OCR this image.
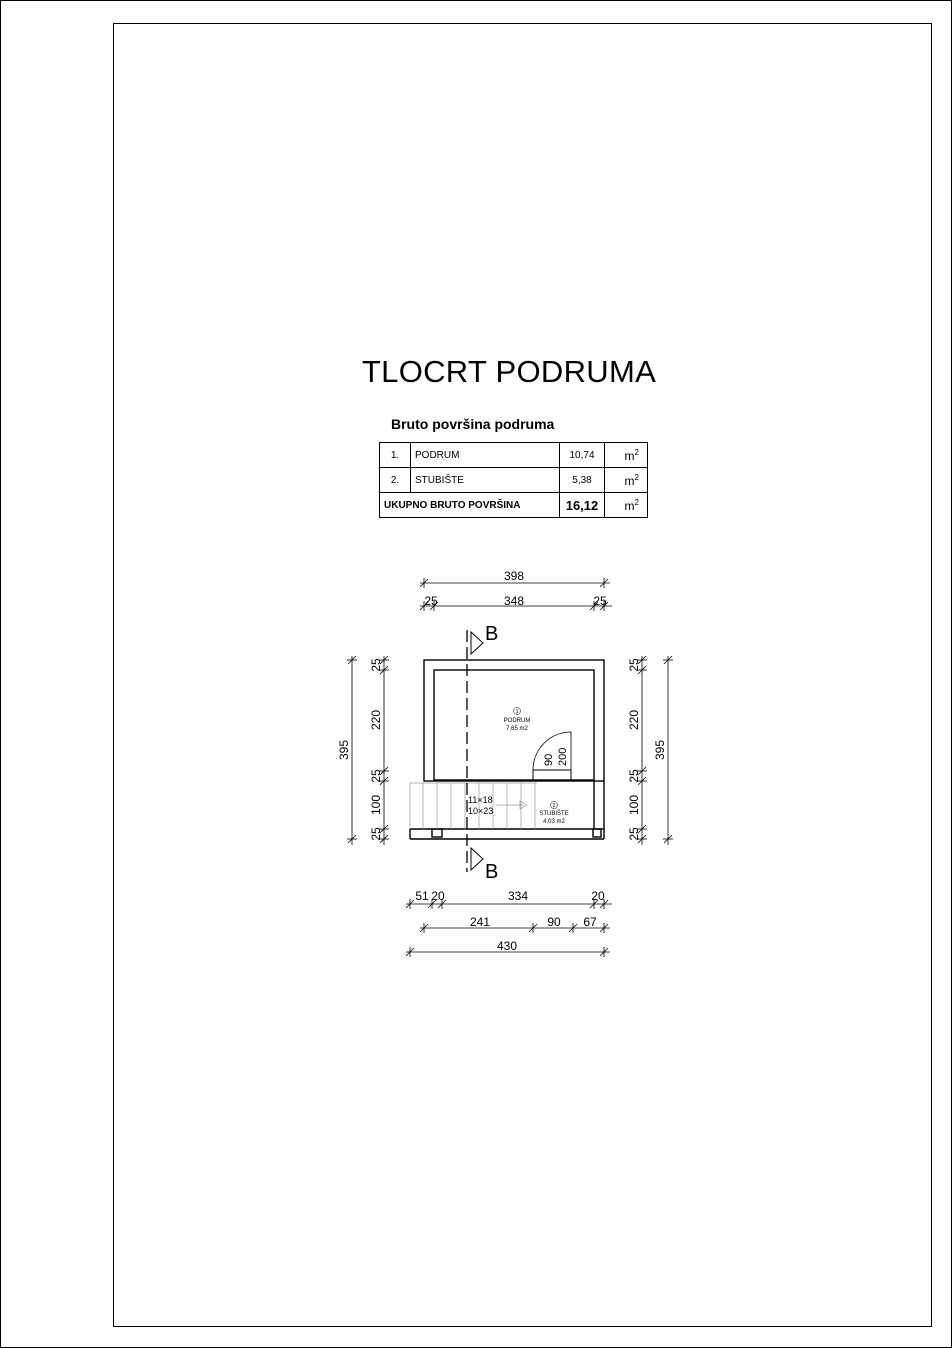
TLOCRT PODRUMA
Bruto površina podruma
1.	PODRUM	10,74	$m^2$
2.	STUBIŠTE	5,38	$m^2$
UKUPNO BRUTO POVRŠINA		16,12	$m^2$
11×18
10×23
B
B
1
PODRUM
7,65 m2
2
STUBIŠTE
4,03 m2
90 200
398
25	348	25
395
25
220
25
100
25
25
220
25
100
25
395
51 20	334	20
241	90 67
430
